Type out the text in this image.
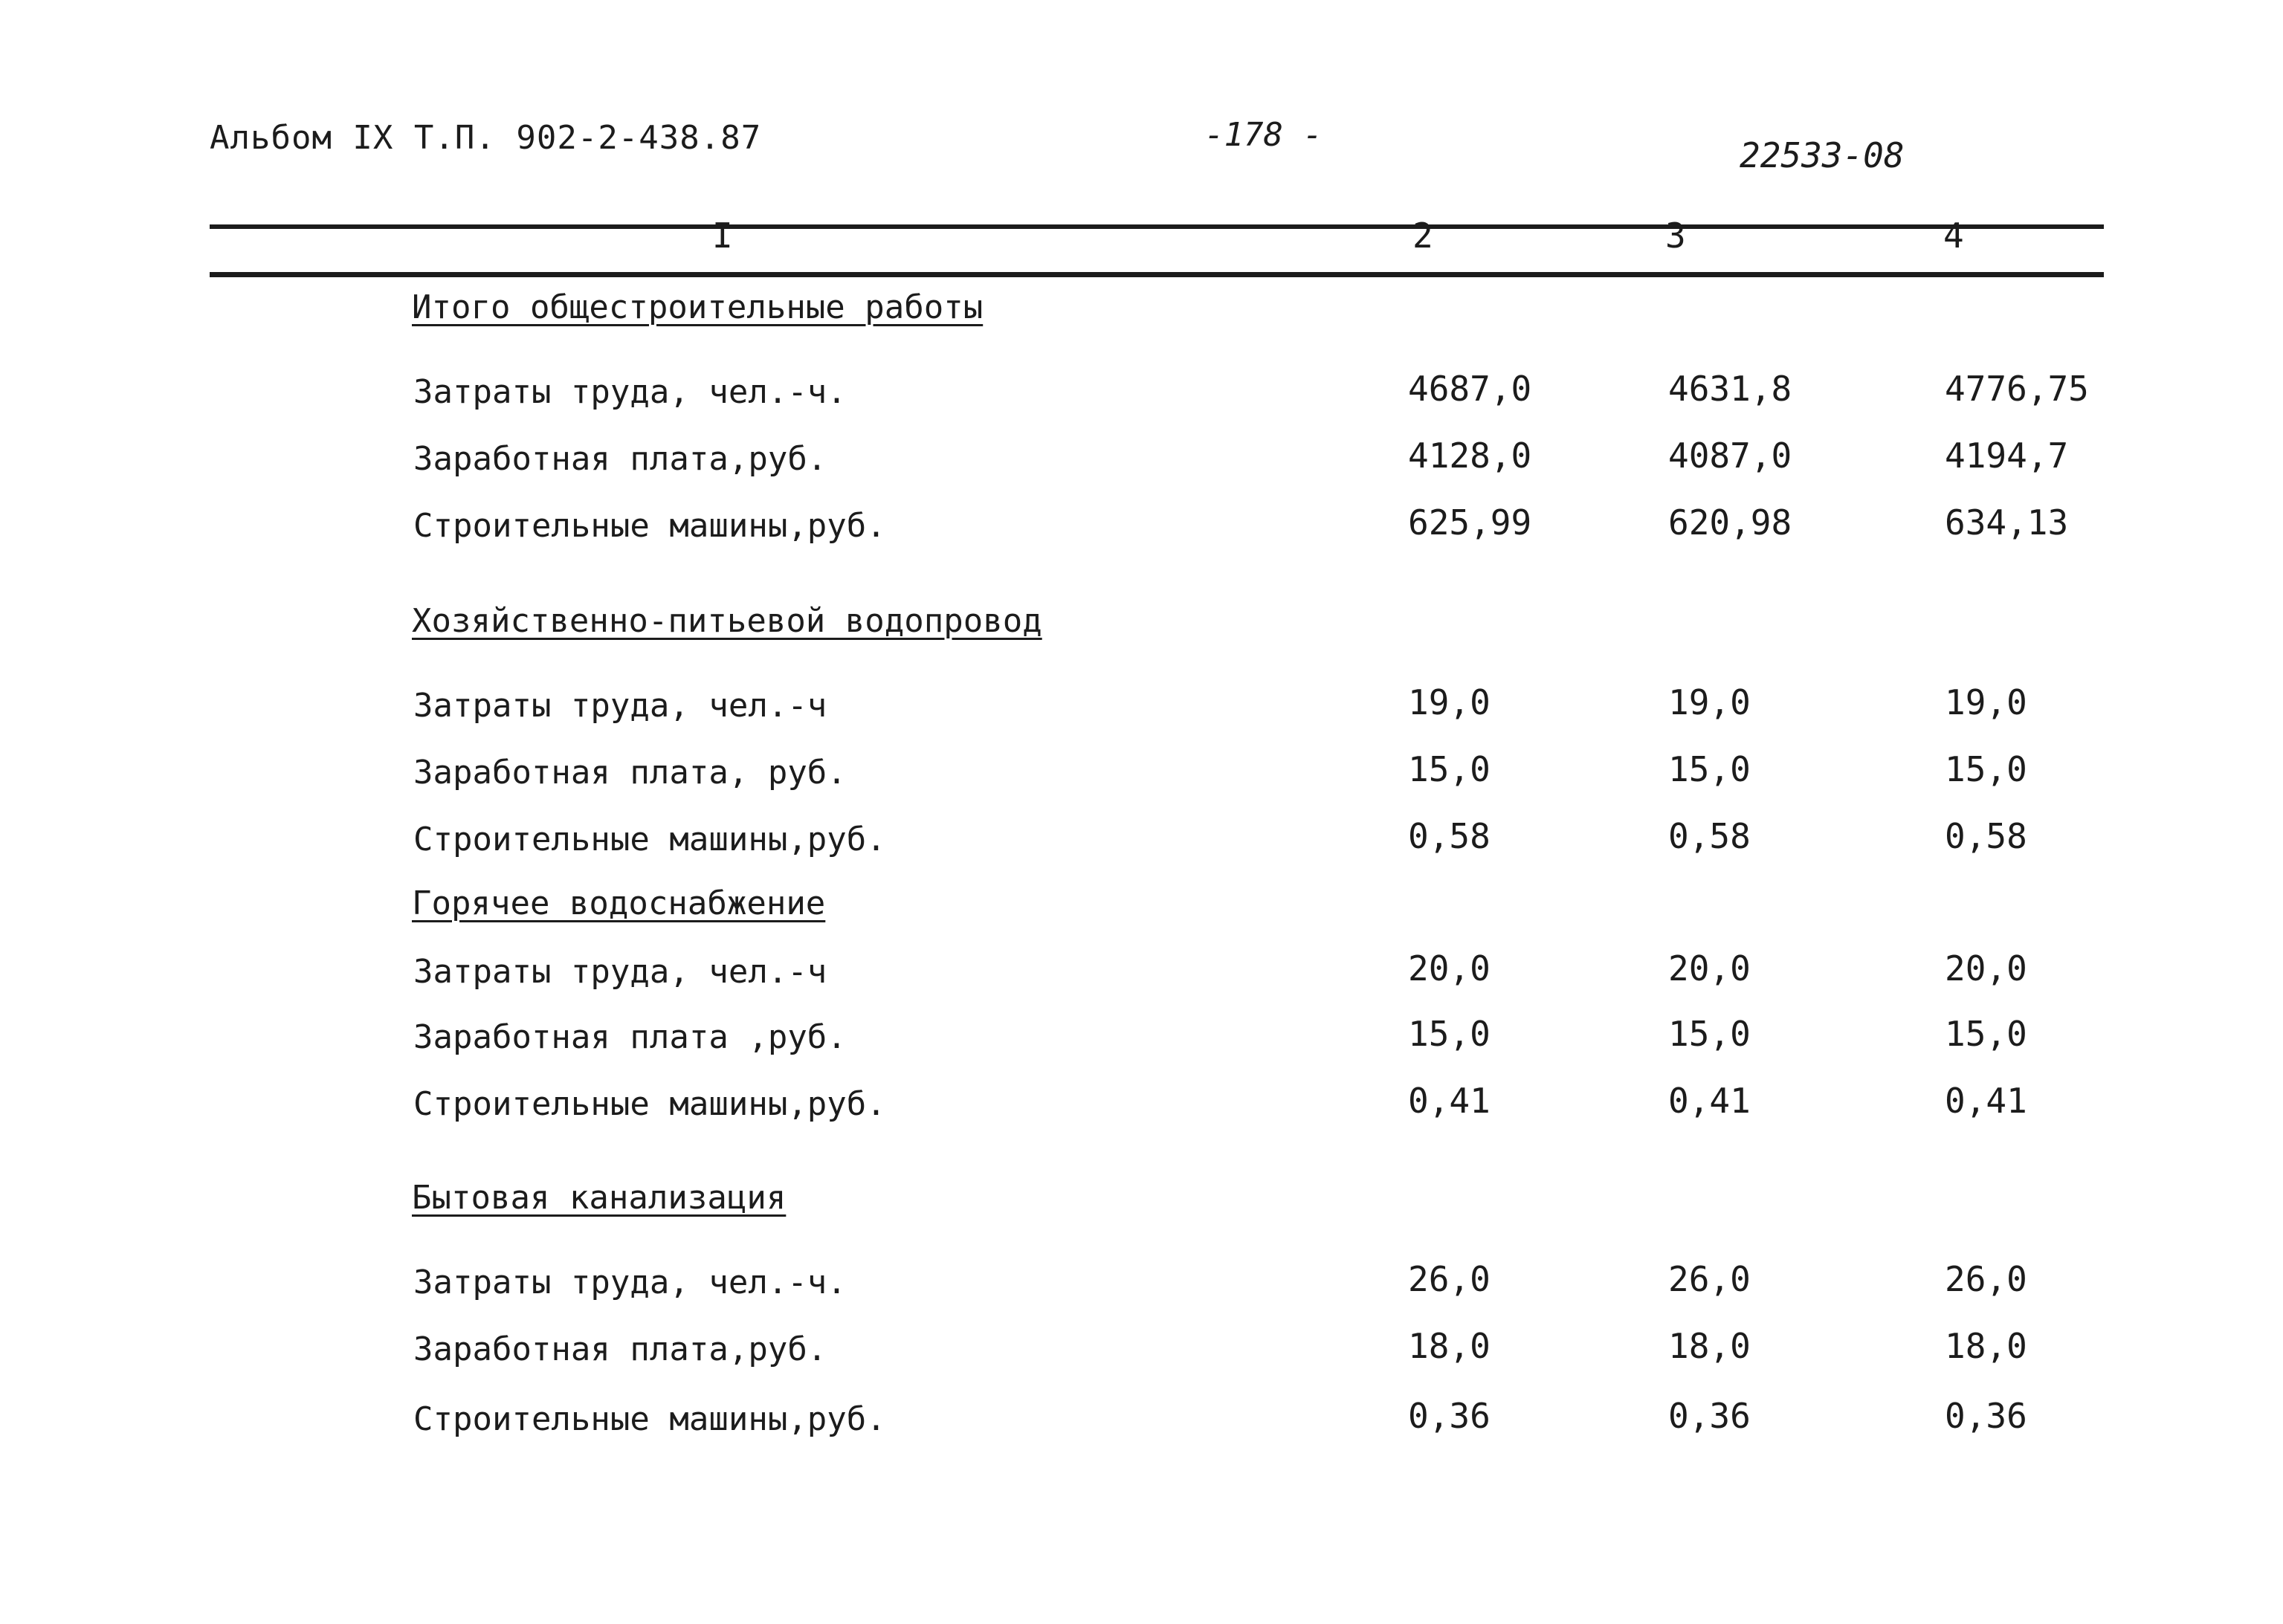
Альбом IX Т.П. 902-2-438.87	-178 -
22533-08
I	2	3	4
Итого общестроительные работы
Затраты труда, чел.-ч.	4687,0	4631,8	4776,75
Заработная плата,руб.	4128,0	4087,0	4194,7
Строительные машины,руб.	625,99	620,98	634,13
Хозяйственно-питьевой водопровод
Затраты труда, чел.-ч	19,0	19,0	19,0
Заработная плата, руб.	15,0	15,0	15,0
Строительные машины,руб.	0,58	0,58	0,58
Горячее водоснабжение
Затраты труда, чел.-ч	20,0	20,0	20,0
Заработная плата ,руб.	15,0	15,0	15,0
Строительные машины,руб.	0,41	0,41	0,41
Бытовая канализация
Затраты труда, чел.-ч.	26,0	26,0	26,0
Заработная плата,руб.	18,0	18,0	18,0
Строительные машины,руб.	0,36	0,36	0,36
